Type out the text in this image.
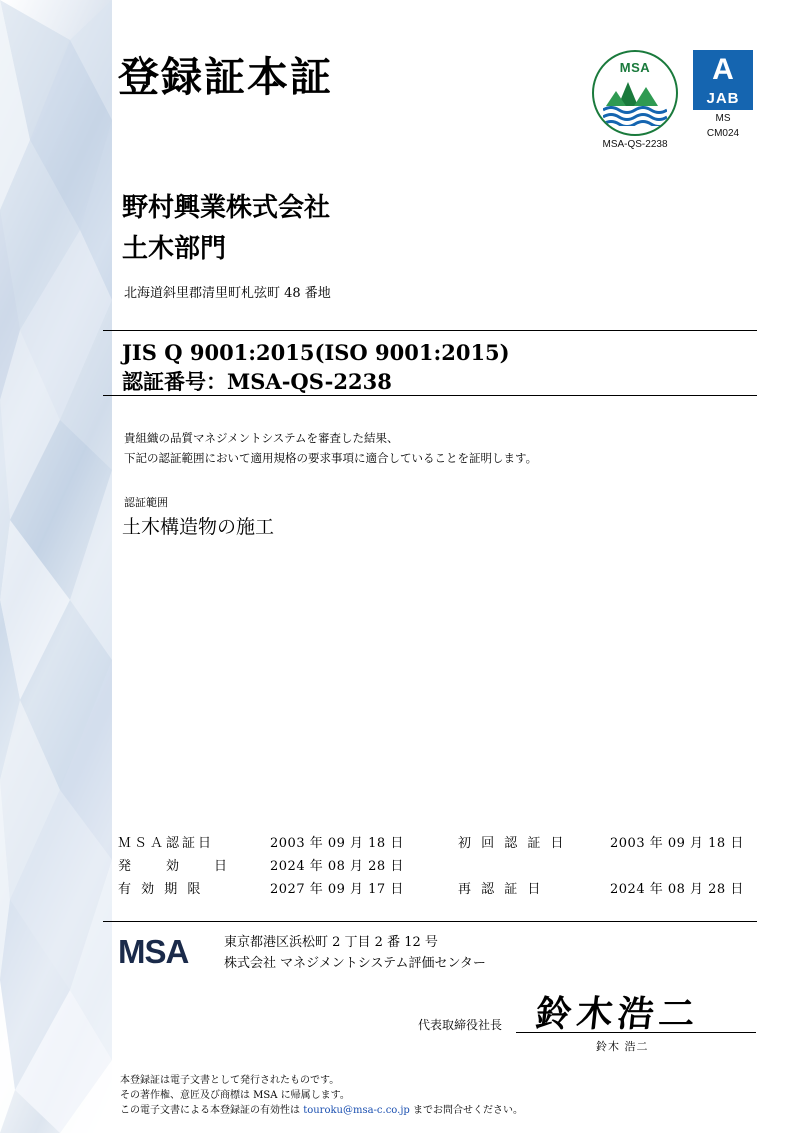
登録証本証	MSA
MSA-QS-2238
A
JAB
MS
CM024
野村興業株式会社
土木部門
北海道斜里郡清里町札弦町 48 番地
JIS Q 9001:2015(ISO 9001:2015)
認証番号：MSA-QS-2238
貴組織の品質マネジメントシステムを審査した結果、
下記の認証範囲において適用規格の要求事項に適合していることを証明します。
認証範囲
土木構造物の施工
ＭＳＡ認証日	2003 年 09 月 18 日	初 回 認 証 日	2003 年 09 月 18 日
発　　効　　日	2024 年 08 月 28 日
有 効 期 限	2027 年 09 月 17 日	再 認 証 日	2024 年 08 月 28 日
MSA	東京都港区浜松町 2 丁目 2 番 12 号
株式会社 マネジメントシステム評価センター
代表取締役社長 鈴木浩二
鈴木 浩二
本登録証は電子文書として発行されたものです。
その著作権、意匠及び商標は MSA に帰属します。
この電子文書による本登録証の有効性は touroku@msa-c.co.jp までお問合せください。
